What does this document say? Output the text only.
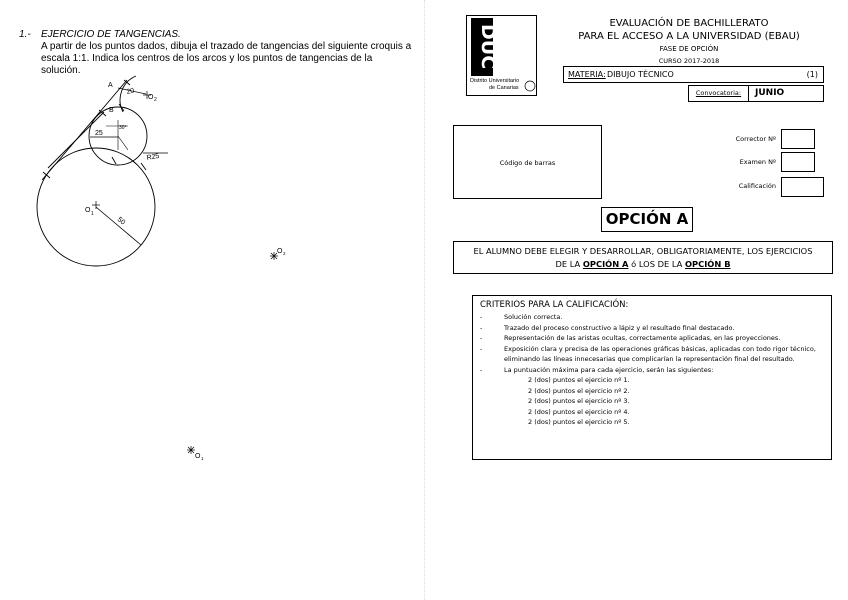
1.- EJERCICIO DE TANGENCIAS.
A partir de los puntos dados, dibuja el trazado de tangencias del siguiente croquis a escala 1:1. Indica los centros de los arcos y los puntos de tangencias de la solución.
A
B
20
O 2
30°
25
R25
O 1
50
O 2
O 1
DUC
Distrito Universitario
de Canarias
EVALUACIÓN DE BACHILLERATO
PARA EL ACCESO A LA UNIVERSIDAD (EBAU)
FASE DE OPCIÓN
CURSO 2017-2018
MATERIA: DIBUJO TÉCNICO	(1)
Convocatoria:	JUNIO
Código de barras
Corrector Nº
Examen Nº
Calificación
OPCIÓN A
EL ALUMNO DEBE ELEGIR Y DESARROLLAR, OBLIGATORIAMENTE, LOS EJERCICIOS
DE LA OPCIÓN A ó LOS DE LA OPCIÓN B
CRITERIOS PARA LA CALIFICACIÓN:
-	Solución correcta.
-	Trazado del proceso constructivo a lápiz y el resultado final destacado.
-	Representación de las aristas ocultas, correctamente aplicadas, en las proyecciones.
-	Exposición clara y precisa de las operaciones gráficas básicas, aplicadas con todo rigor técnico, eliminando las líneas innecesarias que complicarían la representación final del resultado.
-	La puntuación máxima para cada ejercicio, serán las siguientes:
2 (dos) puntos el ejercicio nº 1.
2 (dos) puntos el ejercicio nº 2.
2 (dos) puntos el ejercicio nº 3.
2 (dos) puntos el ejercicio nº 4.
2 (dos) puntos el ejercicio nº 5.
